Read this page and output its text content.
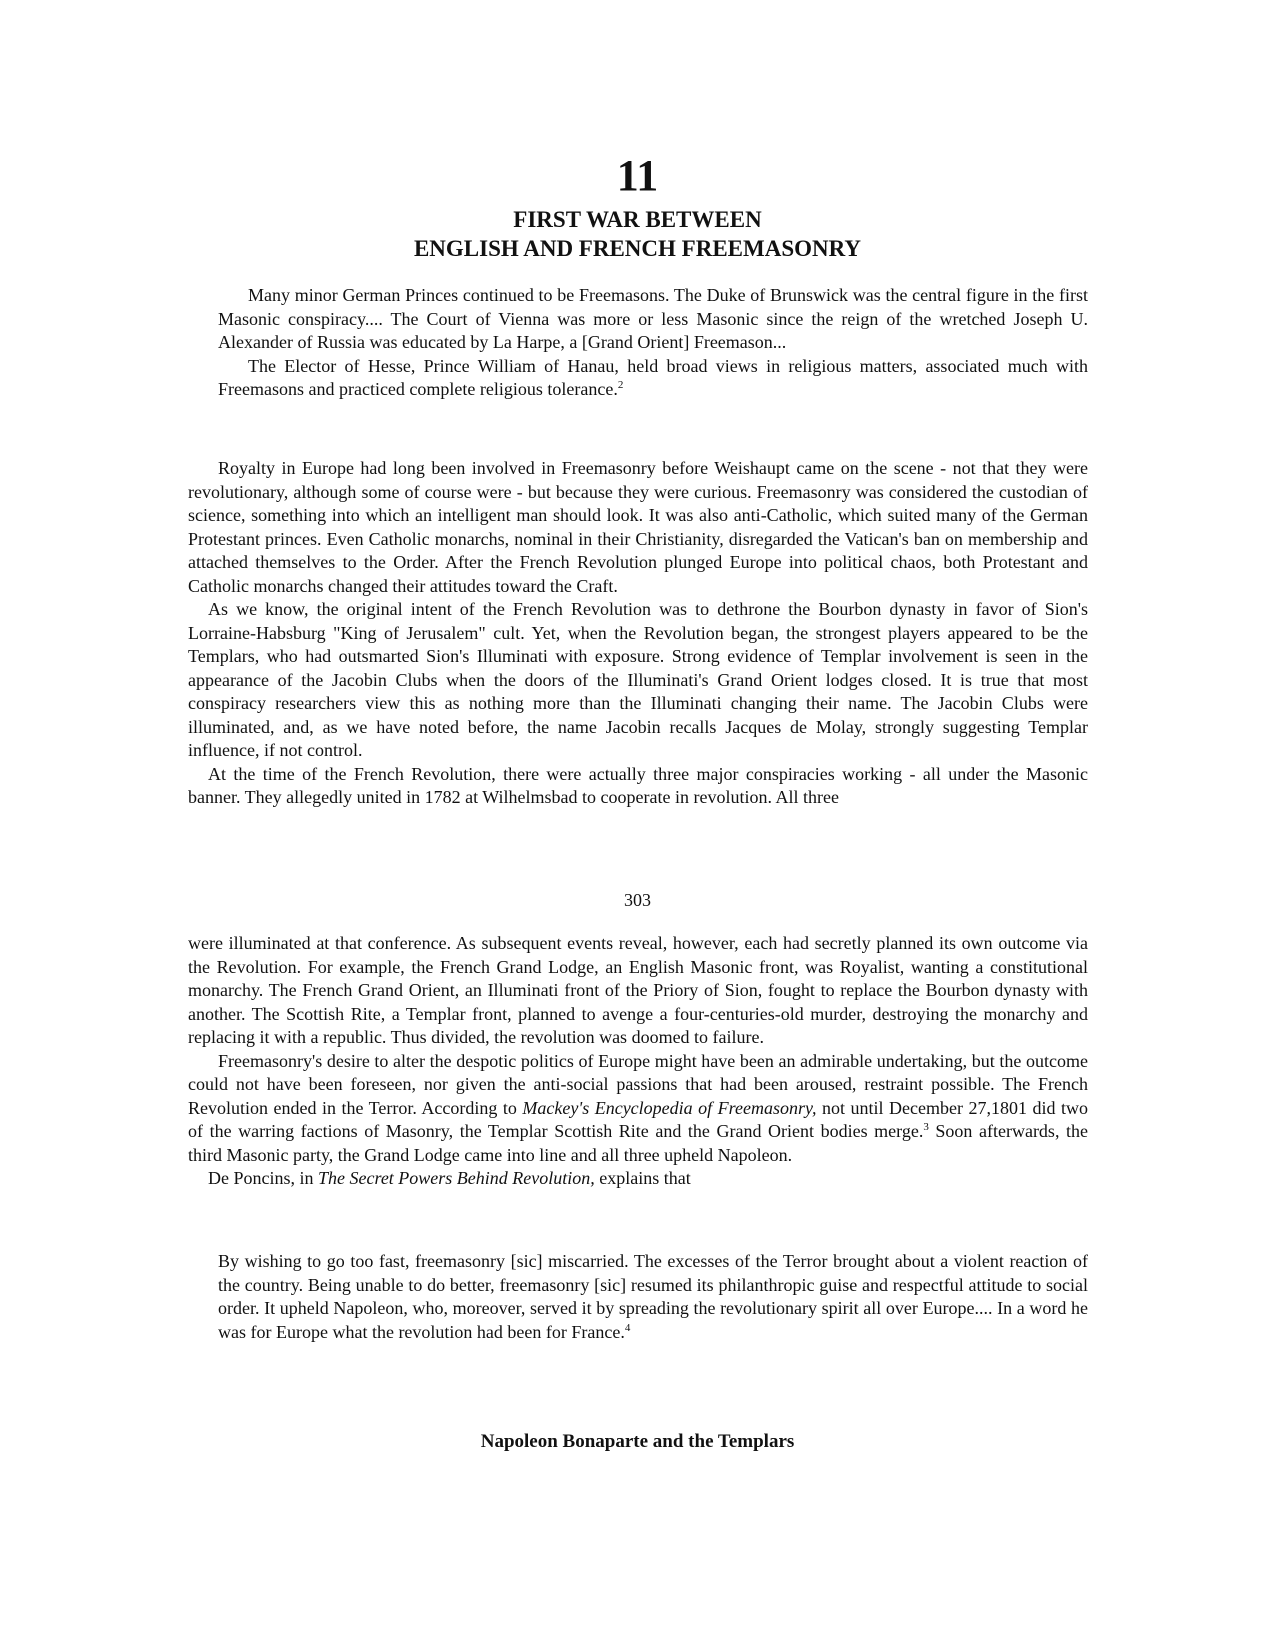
11
FIRST WAR BETWEEN
ENGLISH AND FRENCH FREEMASONRY

Many minor German Princes continued to be Freemasons. The Duke of Brunswick was the central figure in the first Masonic conspiracy.... The Court of Vienna was more or less Masonic since the reign of the wretched Joseph U. Alexander of Russia was educated by La Harpe, a [Grand Orient] Freemason...

The Elector of Hesse, Prince William of Hanau, held broad views in religious matters, associated much with Freemasons and practiced complete religious tolerance.$^2$

Royalty in Europe had long been involved in Freemasonry before Weishaupt came on the scene - not that they were revolutionary, although some of course were - but because they were curious. Freemasonry was considered the custodian of science, something into which an intelligent man should look. It was also anti-Catholic, which suited many of the German Protestant princes. Even Catholic monarchs, nominal in their Christianity, disregarded the Vatican's ban on membership and attached themselves to the Order. After the French Revolution plunged Europe into political chaos, both Protestant and Catholic monarchs changed their attitudes toward the Craft.

As we know, the original intent of the French Revolution was to dethrone the Bourbon dynasty in favor of Sion's Lorraine-Habsburg "King of Jerusalem" cult. Yet, when the Revolution began, the strongest players appeared to be the Templars, who had outsmarted Sion's Illuminati with exposure. Strong evidence of Templar involvement is seen in the appearance of the Jacobin Clubs when the doors of the Illuminati's Grand Orient lodges closed. It is true that most conspiracy researchers view this as nothing more than the Illuminati changing their name. The Jacobin Clubs were illuminated, and, as we have noted before, the name Jacobin recalls Jacques de Molay, strongly suggesting Templar influence, if not control.

At the time of the French Revolution, there were actually three major conspiracies working - all under the Masonic banner. They allegedly united in 1782 at Wilhelmsbad to cooperate in revolution. All three

303

were illuminated at that conference. As subsequent events reveal, however, each had secretly planned its own outcome via the Revolution. For example, the French Grand Lodge, an English Masonic front, was Royalist, wanting a constitutional monarchy. The French Grand Orient, an Illuminati front of the Priory of Sion, fought to replace the Bourbon dynasty with another. The Scottish Rite, a Templar front, planned to avenge a four-centuries-old murder, destroying the monarchy and replacing it with a republic. Thus divided, the revolution was doomed to failure.

Freemasonry's desire to alter the despotic politics of Europe might have been an admirable undertaking, but the outcome could not have been foreseen, nor given the anti-social passions that had been aroused, restraint possible. The French Revolution ended in the Terror. According to Mackey's Encyclopedia of Freemasonry, not until December 27,1801 did two of the warring factions of Masonry, the Templar Scottish Rite and the Grand Orient bodies merge.$^3$ Soon afterwards, the third Masonic party, the Grand Lodge came into line and all three upheld Napoleon.

De Poncins, in The Secret Powers Behind Revolution, explains that

By wishing to go too fast, freemasonry [sic] miscarried. The excesses of the Terror brought about a violent reaction of the country. Being unable to do better, freemasonry [sic] resumed its philanthropic guise and respectful attitude to social order. It upheld Napoleon, who, moreover, served it by spreading the revolutionary spirit all over Europe.... In a word he was for Europe what the revolution had been for France.$^4$

Napoleon Bonaparte and the Templars
